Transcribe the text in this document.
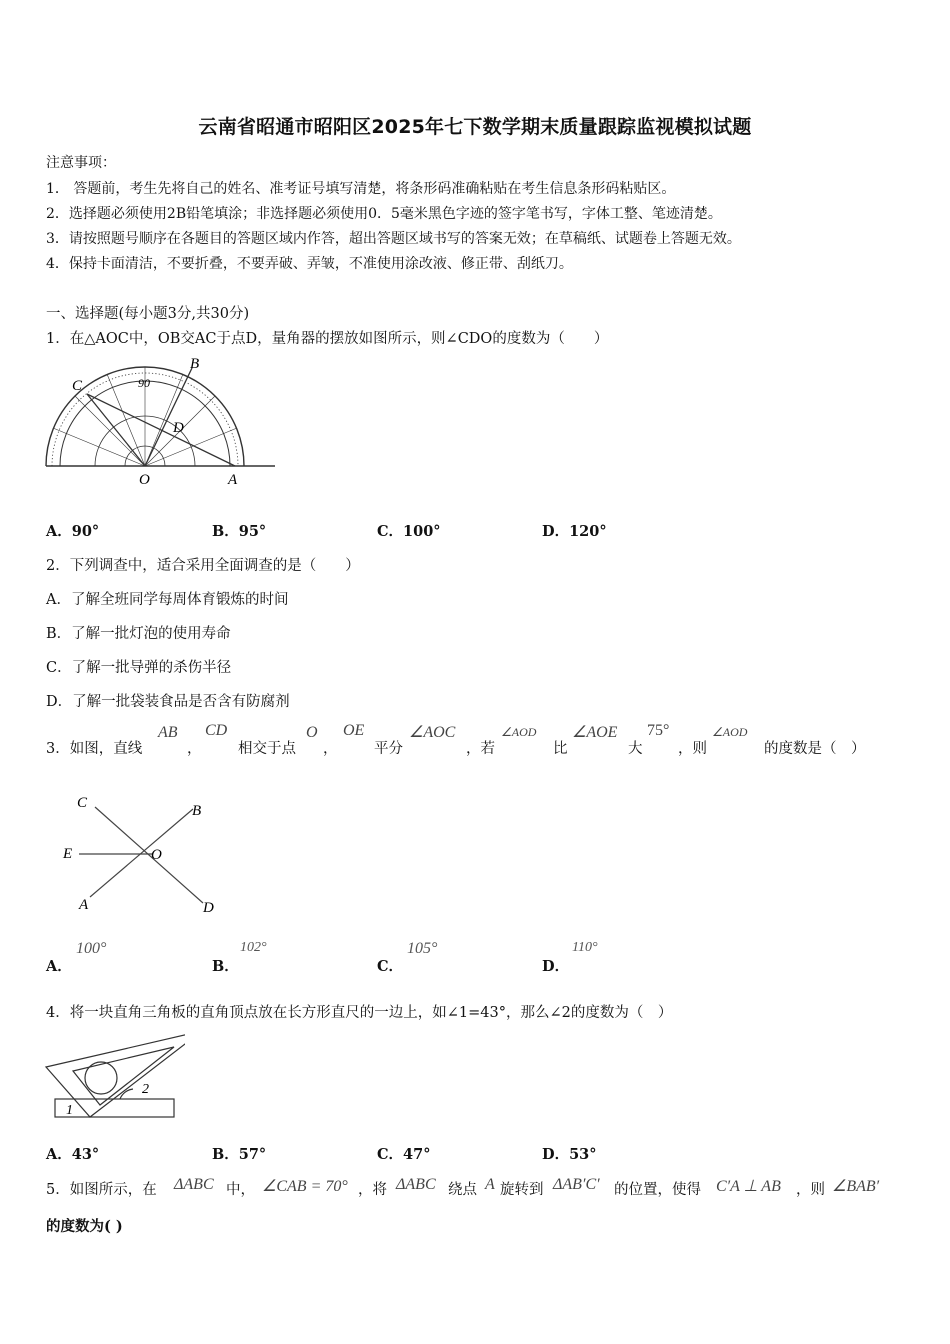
云南省昭通市昭阳区2025年七下数学期末质量跟踪监视模拟试题
注意事项：
1． 答题前，考生先将自己的姓名、准考证号填写清楚，将条形码准确粘贴在考生信息条形码粘贴区。
2．选择题必须使用2B铅笔填涂；非选择题必须使用0．5毫米黑色字迹的签字笔书写，字体工整、笔迹清楚。
3．请按照题号顺序在各题目的答题区域内作答，超出答题区域书写的答案无效；在草稿纸、试题卷上答题无效。
4．保持卡面清洁，不要折叠，不要弄破、弄皱，不准使用涂改液、修正带、刮纸刀。
一、选择题(每小题3分,共30分)
1．在△AOC中，OB交AC于点D，量角器的摆放如图所示，则∠CDO的度数为（　　）
C
B
D
O	A
90
A．90°	B．95°	C．100°	D．120°
2．下列调查中，适合采用全面调查的是（　　）
A．了解全班同学每周体育锻炼的时间
B．了解一批灯泡的使用寿命
C．了解一批导弹的杀伤半径
D．了解一批袋装食品是否含有防腐剂
3．如图，直线
AB
，
CD
相交于点
O
，
OE
平分
∠AOC
，若
∠AOD
比
∠AOE
大
75°
，则
∠AOD
的度数是（　）
C	B
E	O
A	D
A．
100°
B．
102°
C．
105°
D．
110°
4．将一块直角三角板的直角顶点放在长方形直尺的一边上，如∠1=43°，那么∠2的度数为（　）
1
2
A．43°	B．57°	C．47°	D．53°
5．如图所示，在 ΔABC 中， ∠CAB = 70° ，将 ΔABC 绕点 A 旋转到 ΔAB′C′ 的位置，使得 C′A ⊥ AB ，则 ∠BAB′
的度数为( )
